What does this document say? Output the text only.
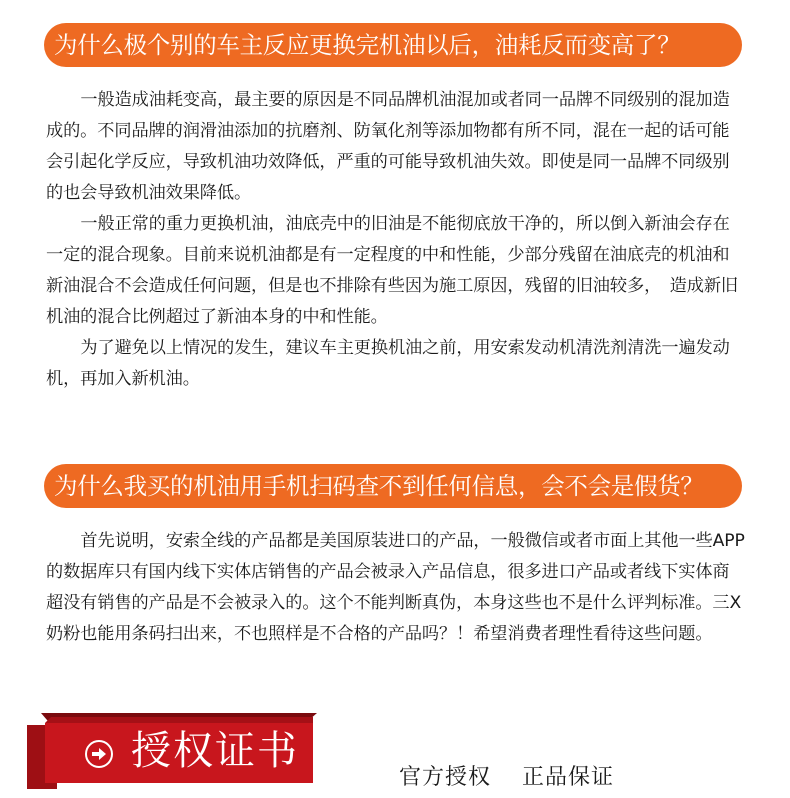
为什么极个别的车主反应更换完机油以后，油耗反而变高了？

一般造成油耗变高，最主要的原因是不同品牌机油混加或者同一品牌不同级别的混加造成的。不同品牌的润滑油添加的抗磨剂、防氧化剂等添加物都有所不同，混在一起的话可能会引起化学反应，导致机油功效降低，严重的可能导致机油失效。即使是同一品牌不同级别的也会导致机油效果降低。

一般正常的重力更换机油，油底壳中的旧油是不能彻底放干净的，所以倒入新油会存在一定的混合现象。目前来说机油都是有一定程度的中和性能，少部分残留在油底壳的机油和新油混合不会造成任何问题，但是也不排除有些因为施工原因，残留的旧油较多，　造成新旧机油的混合比例超过了新油本身的中和性能。

为了避免以上情况的发生，建议车主更换机油之前，用安索发动机清洗剂清洗一遍发动机，再加入新机油。

为什么我买的机油用手机扫码查不到任何信息，会不会是假货？

首先说明，安索全线的产品都是美国原装进口的产品，一般微信或者市面上其他一些APP的数据库只有国内线下实体店销售的产品会被录入产品信息，很多进口产品或者线下实体商超没有销售的产品是不会被录入的。这个不能判断真伪，本身这些也不是什么评判标准。三X奶粉也能用条码扫出来，不也照样是不合格的产品吗？！希望消费者理性看待这些问题。

授权证书
官方授权　 正品保证
